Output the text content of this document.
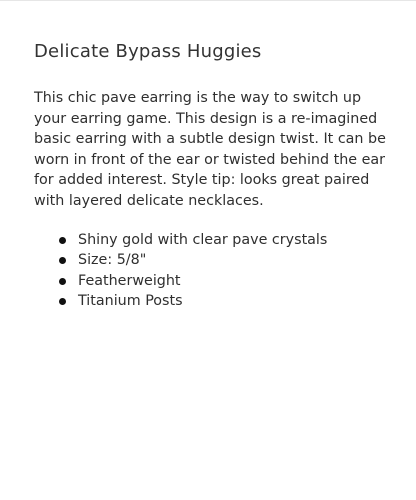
Delicate Bypass Huggies

This chic pave earring is the way to switch up your earring game. This design is a re-imagined basic earring with a subtle design twist. It can be worn in front of the ear or twisted behind the ear for added interest. Style tip: looks great paired with layered delicate necklaces.

Shiny gold with clear pave crystals
Size: 5/8"
Featherweight
Titanium Posts
